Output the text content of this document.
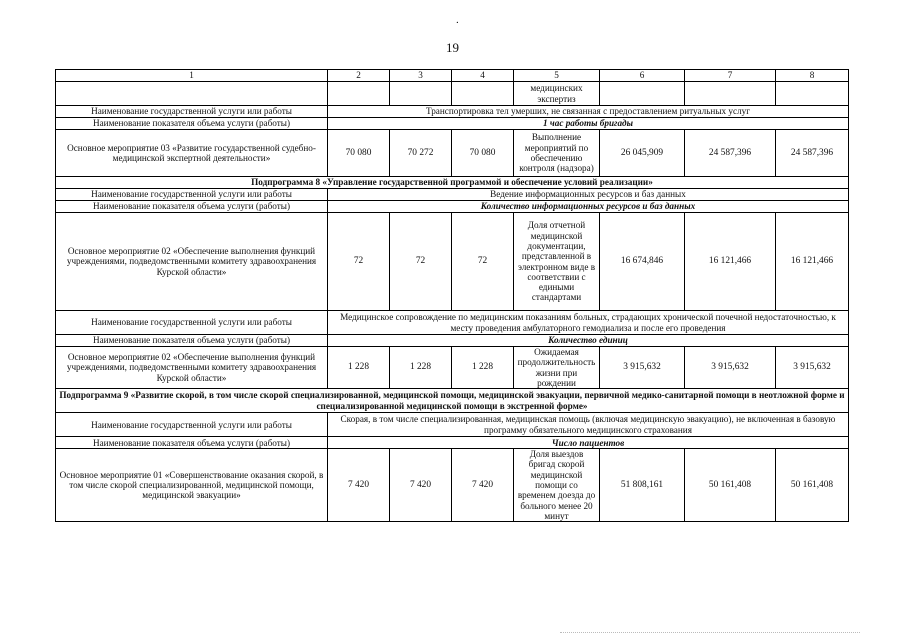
.
19
1	2	3	4	5	6	7	8
				медицинских экспертиз			
Наименование государственной услуги или работы	Транспортировка тел умерших, не связанная с предоставлением ритуальных услуг						
Наименование показателя объема услуги (работы)	1 час работы бригады						
Основное мероприятие 03 «Развитие государственной судебно-медицинской экспертной деятельности»	70 080	70 272	70 080	Выполнение мероприятий по обеспечению контроля (надзора)	26 045,909	24 587,396	24 587,396
Подпрограмма 8 «Управление государственной программой и обеспечение условий реализации»							
Наименование государственной услуги или работы	Ведение информационных ресурсов и баз данных						
Наименование показателя объема услуги (работы)	Количество информационных ресурсов и баз данных						
Основное мероприятие 02 «Обеспечение выполнения функций учреждениями, подведомственными комитету здравоохранения Курской области»	72	72	72	Доля отчетной медицинской документации, представленной в электронном виде в соответствии с едиными стандартами	16 674,846	16 121,466	16 121,466
Наименование государственной услуги или работы	Медицинское сопровождение по медицинским показаниям больных, страдающих хронической почечной недостаточностью, к месту проведения амбулаторного гемодиализа и после его проведения						
Наименование показателя объема услуги (работы)	Количество единиц						
Основное мероприятие 02 «Обеспечение выполнения функций учреждениями, подведомственными комитету здравоохранения Курской области»	1 228	1 228	1 228	Ожидаемая продолжительность жизни при рождении	3 915,632	3 915,632	3 915,632
Подпрограмма 9 «Развитие скорой, в том числе скорой специализированной, медицинской помощи, медицинской эвакуации, первичной медико-санитарной помощи в неотложной форме и специализированной медицинской помощи в экстренной форме»							
Наименование государственной услуги или работы	Скорая, в том числе специализированная, медицинская помощь (включая медицинскую эвакуацию), не включенная в базовую программу обязательного медицинского страхования						
Наименование показателя объема услуги (работы)	Число пациентов						
Основное мероприятие 01 «Совершенствование оказания скорой, в том числе скорой специализированной, медицинской помощи, медицинской эвакуации»	7 420	7 420	7 420	Доля выездов бригад скорой медицинской помощи со временем доезда до больного менее 20 минут	51 808,161	50 161,408	50 161,408
